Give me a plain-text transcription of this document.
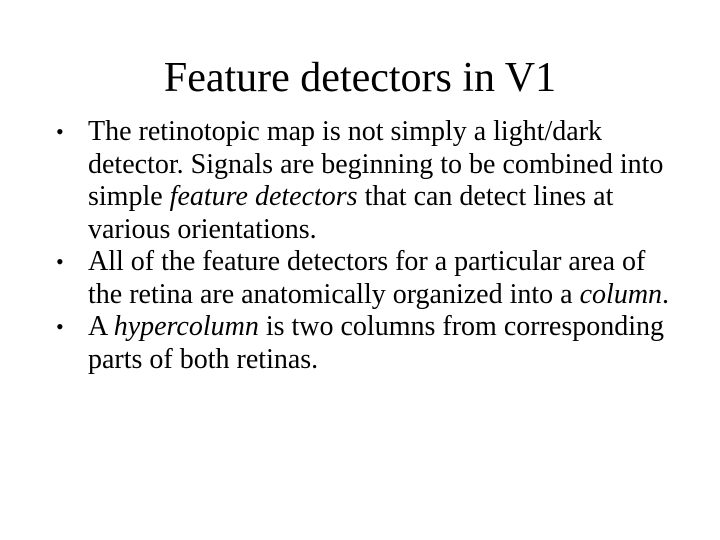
Feature detectors in V1
• The retinotopic map is not simply a light/dark detector. Signals are beginning to be combined into simple feature detectors that can detect lines at various orientations.
• All of the feature detectors for a particular area of the retina are anatomically organized into a column.
• A hypercolumn is two columns from corresponding parts of both retinas.
